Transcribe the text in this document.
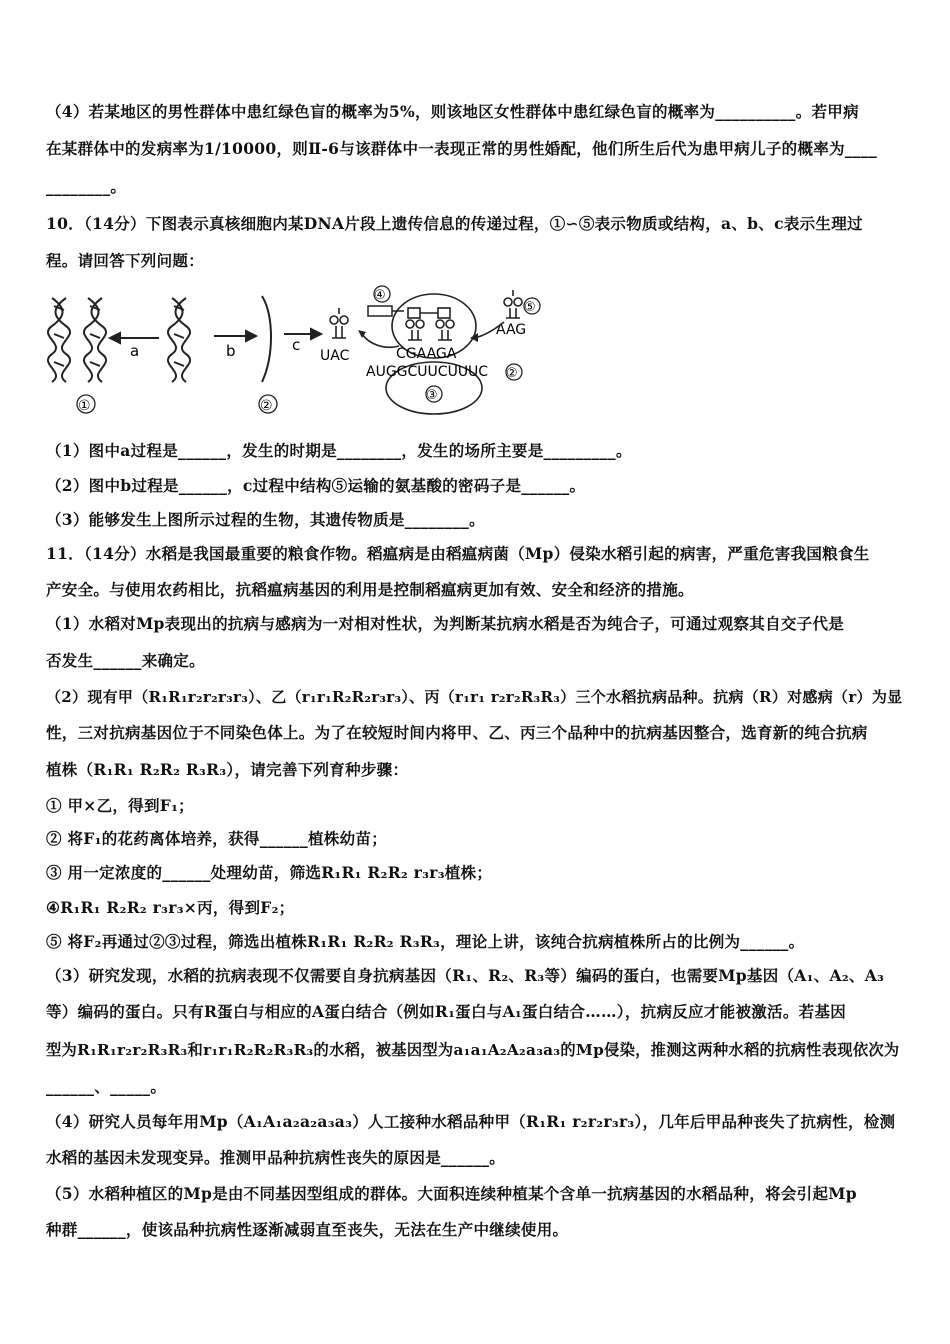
（4）若某地区的男性群体中患红绿色盲的概率为5%，则该地区女性群体中患红绿色盲的概率为__________。若甲病
在某群体中的发病率为1/10000，则Ⅱ-6与该群体中一表现正常的男性婚配，他们所生后代为患甲病儿子的概率为____
________。
10．（14分）下图表示真核细胞内某DNA片段上遗传信息的传递过程，①∽⑤表示物质或结构，a、b、c表示生理过
程。请回答下列问题：
a	b	c
UAC
④
CGAAGA
AUGGCUUCUUUC ②
③
⑤
AAG
①	②
（1）图中a过程是______，发生的时期是________，发生的场所主要是_________。
（2）图中b过程是______，c过程中结构⑤运输的氨基酸的密码子是______。
（3）能够发生上图所示过程的生物，其遗传物质是________。
11．（14分）水稻是我国最重要的粮食作物。稻瘟病是由稻瘟病菌（Mp）侵染水稻引起的病害，严重危害我国粮食生
产安全。与使用农药相比，抗稻瘟病基因的利用是控制稻瘟病更加有效、安全和经济的措施。
（1）水稻对Mp表现出的抗病与感病为一对相对性状，为判断某抗病水稻是否为纯合子，可通过观察其自交子代是
否发生______来确定。
（2）现有甲（R₁R₁r₂r₂r₃r₃）、乙（r₁r₁R₂R₂r₃r₃）、丙（r₁r₁ r₂r₂R₃R₃）三个水稻抗病品种。抗病（R）对感病（r）为显
性，三对抗病基因位于不同染色体上。为了在较短时间内将甲、乙、丙三个品种中的抗病基因整合，选育新的纯合抗病
植株（R₁R₁ R₂R₂ R₃R₃），请完善下列育种步骤：
① 甲×乙，得到F₁；
② 将F₁的花药离体培养，获得______植株幼苗；
③ 用一定浓度的______处理幼苗，筛选R₁R₁ R₂R₂ r₃r₃植株；
④R₁R₁ R₂R₂ r₃r₃×丙，得到F₂；
⑤ 将F₂再通过②③过程，筛选出植株R₁R₁ R₂R₂ R₃R₃，理论上讲，该纯合抗病植株所占的比例为______。
（3）研究发现，水稻的抗病表现不仅需要自身抗病基因（R₁、R₂、R₃等）编码的蛋白，也需要Mp基因（A₁、A₂、A₃
等）编码的蛋白。只有R蛋白与相应的A蛋白结合（例如R₁蛋白与A₁蛋白结合……），抗病反应才能被激活。若基因
型为R₁R₁r₂r₂R₃R₃和r₁r₁R₂R₂R₃R₃的水稻，被基因型为a₁a₁A₂A₂a₃a₃的Mp侵染，推测这两种水稻的抗病性表现依次为
______、_____。
（4）研究人员每年用Mp（A₁A₁a₂a₂a₃a₃）人工接种水稻品种甲（R₁R₁ r₂r₂r₃r₃），几年后甲品种丧失了抗病性，检测
水稻的基因未发现变异。推测甲品种抗病性丧失的原因是______。
（5）水稻种植区的Mp是由不同基因型组成的群体。大面积连续种植某个含单一抗病基因的水稻品种，将会引起Mp
种群______，使该品种抗病性逐渐减弱直至丧失，无法在生产中继续使用。
